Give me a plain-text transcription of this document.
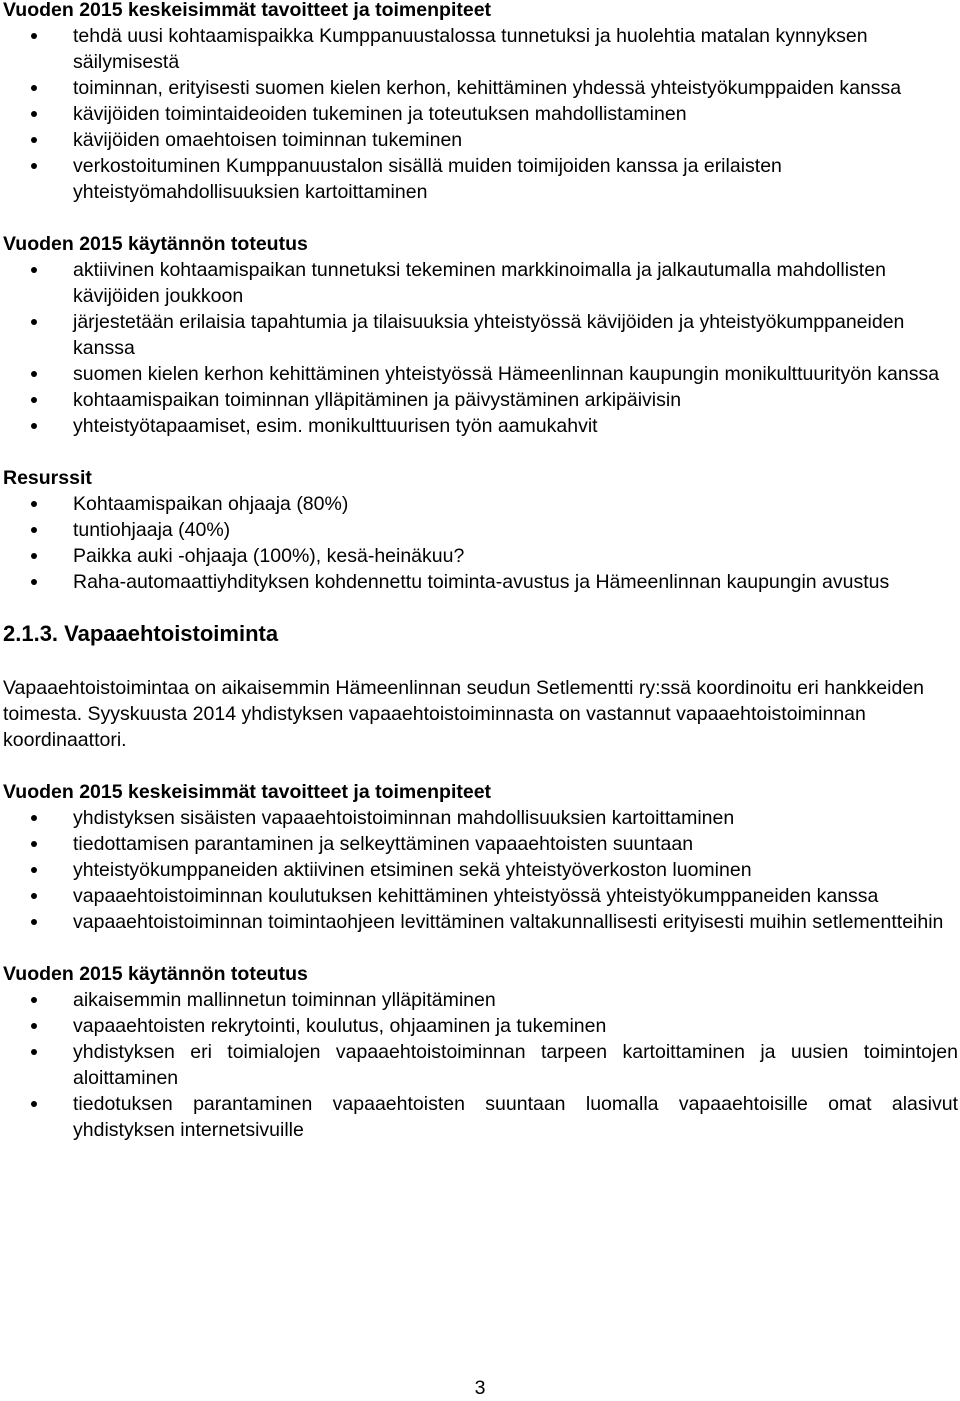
Vuoden 2015 keskeisimmät tavoitteet ja toimenpiteet
tehdä uusi kohtaamispaikka Kumppanuustalossa tunnetuksi ja huolehtia matalan kynnyksen säilymisestä
toiminnan, erityisesti suomen kielen kerhon, kehittäminen yhdessä yhteistyökumppaiden kanssa
kävijöiden toimintaideoiden tukeminen ja toteutuksen mahdollistaminen
kävijöiden omaehtoisen toiminnan tukeminen
verkostoituminen Kumppanuustalon sisällä muiden toimijoiden kanssa ja erilaisten yhteistyömahdollisuuksien kartoittaminen
Vuoden 2015 käytännön toteutus
aktiivinen kohtaamispaikan tunnetuksi tekeminen markkinoimalla ja jalkautumalla mahdollisten kävijöiden joukkoon
järjestetään erilaisia tapahtumia ja tilaisuuksia yhteistyössä kävijöiden ja yhteistyökumppaneiden kanssa
suomen kielen kerhon kehittäminen yhteistyössä Hämeenlinnan kaupungin monikulttuurityön kanssa
kohtaamispaikan toiminnan ylläpitäminen ja päivystäminen arkipäivisin
yhteistyötapaamiset, esim. monikulttuurisen työn aamukahvit
Resurssit
Kohtaamispaikan ohjaaja (80%)
tuntiohjaaja (40%)
Paikka auki -ohjaaja (100%), kesä-heinäkuu?
Raha-automaattiyhdityksen kohdennettu toiminta-avustus ja Hämeenlinnan kaupungin avustus
2.1.3. Vapaaehtoistoiminta

Vapaaehtoistoimintaa on aikaisemmin Hämeenlinnan seudun Setlementti ry:ssä koordinoitu eri hankkeiden toimesta. Syyskuusta 2014 yhdistyksen vapaaehtoistoiminnasta on vastannut vapaaehtoistoiminnan koordinaattori.

Vuoden 2015 keskeisimmät tavoitteet ja toimenpiteet
yhdistyksen sisäisten vapaaehtoistoiminnan mahdollisuuksien kartoittaminen
tiedottamisen parantaminen ja selkeyttäminen vapaaehtoisten suuntaan
yhteistyökumppaneiden aktiivinen etsiminen sekä yhteistyöverkoston luominen
vapaaehtoistoiminnan koulutuksen kehittäminen yhteistyössä yhteistyökumppaneiden kanssa
vapaaehtoistoiminnan toimintaohjeen levittäminen valtakunnallisesti erityisesti muihin setlementteihin
Vuoden 2015 käytännön toteutus
aikaisemmin mallinnetun toiminnan ylläpitäminen
vapaaehtoisten rekrytointi, koulutus, ohjaaminen ja tukeminen
yhdistyksen eri toimialojen vapaaehtoistoiminnan tarpeen kartoittaminen ja uusien toimintojen aloittaminen
tiedotuksen parantaminen vapaaehtoisten suuntaan luomalla vapaaehtoisille omat alasivut yhdistyksen internetsivuille
3
